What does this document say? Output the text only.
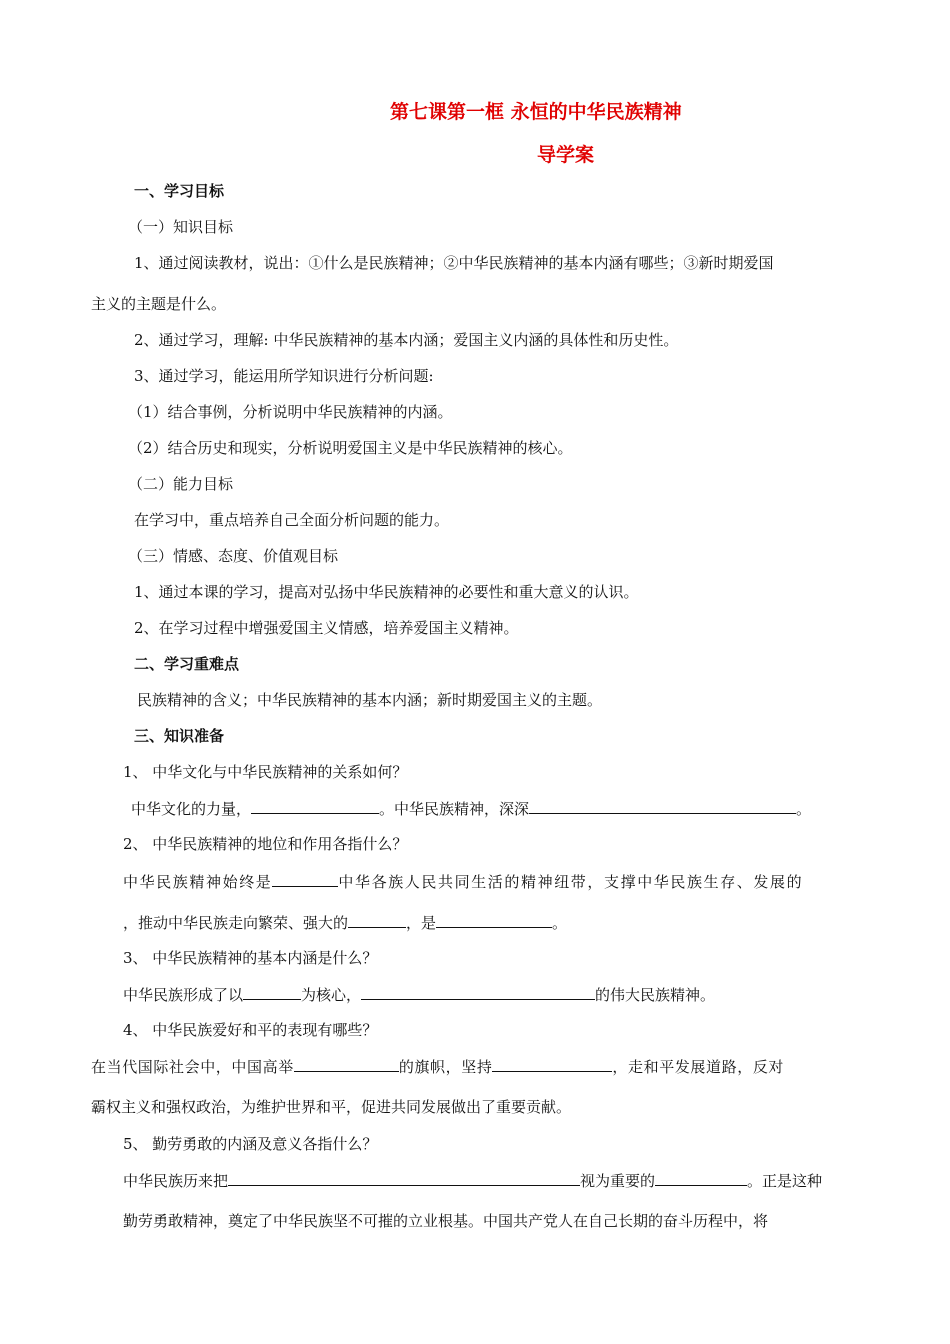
第七课第一框 永恒的中华民族精神
导学案
一、学习目标
（一）知识目标
1、通过阅读教材，说出：①什么是民族精神；②中华民族精神的基本内涵有哪些；③新时期爱国
主义的主题是什么。
2、通过学习，理解: 中华民族精神的基本内涵；爱国主义内涵的具体性和历史性。
3、通过学习，能运用所学知识进行分析问题:
（1）结合事例，分析说明中华民族精神的内涵。
（2）结合历史和现实，分析说明爱国主义是中华民族精神的核心。
（二）能力目标
在学习中，重点培养自己全面分析问题的能力。
（三）情感、态度、价值观目标
1、通过本课的学习，提高对弘扬中华民族精神的必要性和重大意义的认识。
2、在学习过程中增强爱国主义情感，培养爱国主义精神。
二、学习重难点
民族精神的含义；中华民族精神的基本内涵；新时期爱国主义的主题。
三、知识准备
1、 中华文化与中华民族精神的关系如何？
中华文化的力量，	。中华民族精神，深深	。
2、 中华民族精神的地位和作用各指什么？
中华民族精神始终是	中华各族人民共同生活的精神纽带，支撑中华民族生存、发展的
，推动中华民族走向繁荣、强大的	，是	。
3、 中华民族精神的基本内涵是什么？
中华民族形成了以	为核心，	的伟大民族精神。
4、 中华民族爱好和平的表现有哪些？
在当代国际社会中，中国高举	的旗帜，坚持	，走和平发展道路，反对
霸权主义和强权政治，为维护世界和平，促进共同发展做出了重要贡献。
5、 勤劳勇敢的内涵及意义各指什么？
中华民族历来把	视为重要的	。正是这种
勤劳勇敢精神，奠定了中华民族坚不可摧的立业根基。中国共产党人在自己长期的奋斗历程中，将
